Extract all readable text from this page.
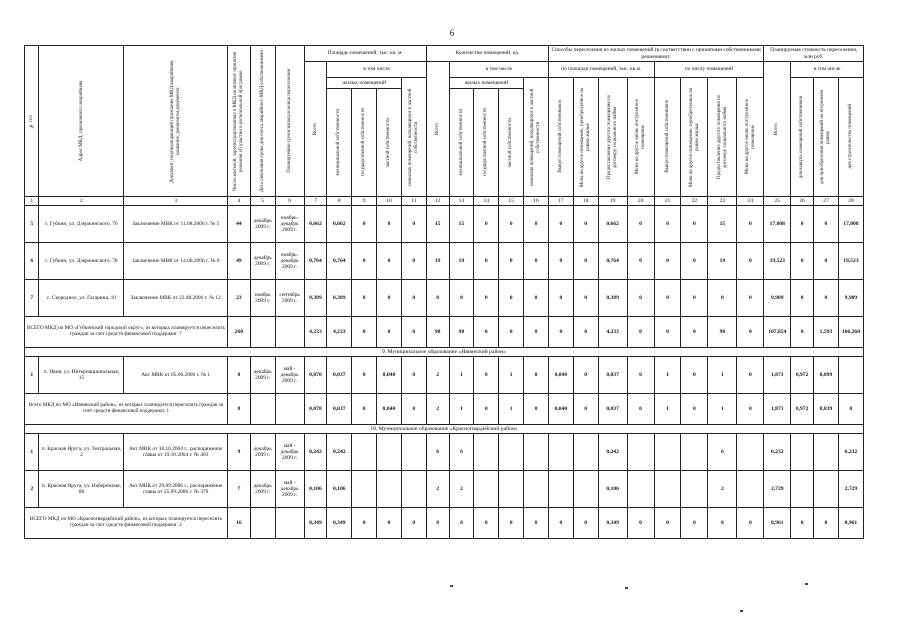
6
№ п/п	Адрес МКД, признанного аварийным	Документ, подтверждающий признание МКД аварийным, название, реквизиты документа	Число жителей, зарегистрированных в МКД на момент принятия решения об участии в региональной программе	Дата окончания срока для сноса аварийного МКД собственниками	Планируемые сроки начала и конца переселения	Площадь помещений, тыс. кв. м.					Количество помещений, ед.					Способы переселения из жилых помещений (в соответствии с принятыми собственниками решениями):								Планируемая стоимость переселения, млн руб.			

						Всего	в том числе				Всего	в том числе				по площади помещений, тыс. кв.м.				по числу помещений				Всего	в том числе		
							жилых помещений			нежилых помещений, находящихся в частной собственности		жилых помещений			нежилых помещений, находящихся в частной собственности	Выкуп помещений собственников	Мена на другое помещение, приобретенное на рынке жилья	Предоставление другого помещения по договору социального найма	Мена на другое вновь построенное помещение	Выкуп помещений собственников	Мена на другое помещение, приобретенное на рынке жилья	Предоставление другого помещения по договору социального найма	Мена на другое вновь построенное помещение		для выкупа помещений собственников	для приобретения помещений на вторичном рынке	для строительства помещений

							муниципальной собственности	государственной собственности	частной собственности			муниципальной собственности	государственной собственности	частной собственности													

1	2	3	4	5	6	7	8	9	10	11	12	13	14	15	16	17	18	19	20	21	22	23	24	25	26	27	28
5	г. Губкин, ул. Дзержинского, 76	Заключение МВК от 11.08.2006 г. № 5	44	декабрь 2009 г.	ноябрь-декабрь 2009 г.	0,662	0,662	0	0	0	15	15	0	0	0	0	0	0,662	0	0	0	15	0	17,008	0	0	17,008
6	г. Губкин, ул. Дзержинского, 78	Заключение МВК от 14.08.2006 г. № 6	49	декабрь 2009 г.	ноябрь-декабрь 2009 г.	0,764	0,764	0	0	0	19	19	0	0	0	0	0	0,764	0	0	0	19	0	19,523	0	0	19,523
7	с. Скородное, ул. Гагарина, 10	Заключение МВК от 22.08.2006 г. № 12	23	ноябрь 2009 г.	сентябрь 2009 г.	0,389	0,389	0	0	0	8	8	0	0	0	0	0	0,389	0	0	0	8	0	9,989	0	0	9,989
ВСЕГО МКД по МО «Губкинский городской округ», из которых планируется переселить граждан за счет средств финансовой поддержки: 7			260			4,233	4,233	0	0	0	98	98	0	0	0	0	0	4,233	0	0	0	98	0	107,854	0	1,593	106,260
9. Муниципальное образование «Ивнянский район»																											
1	п. Ивня, ул. Интернациональная, 15	Акт МВК от 05.06.2006 г. № 1	8	декабрь 2009 г.	май - декабрь 2009 г.	0,078	0,037	0	0,040	0	2	1	0	1	0	0,040	0	0,037	0	1	0	1	0	1,871	0,972	0,899	
Всего МКД по МО «Ивнянский район», из которых планируется переселить граждан за счет средств финансовой поддержки: 1			8			0,078	0,037	0	0,040	0	2	1	0	1	0	0,040	0	0,037	0	1	0	1	0	1,871	0,972	0,839	0
10. Муниципальное образование «Красногвардейский район»																											
1	п. Красная Яруга, ул. Театральная, 2	Акт МВК от 18.10.2004 г., распоряжение главы от 19.10.2004 г. № 403	9	декабрь 2009 г.	май - декабрь 2009 г.	0,242	0,242				6	6						0,242				6		6,232			6,232
2	п. Красная Яруга, ул. Набережная, 88	Акт МВК от 29.09.2006 г., распоряжение главы от 25.09.2006 г. № 370	7	декабрь 2009 г.	май - декабрь 2009 г.	0,106	0,106				2	2						0,106				2		2,729			2,729
ВСЕГО МКД по МО «Красногвардейский район», из которых планируется переселить граждан за счет средств финансовой поддержки: 2			16			0,349	0,349	0	0	0	8	8	0	0	0	0	0	0,349	0	0	0	8	0	8,961	0	0	8,961
